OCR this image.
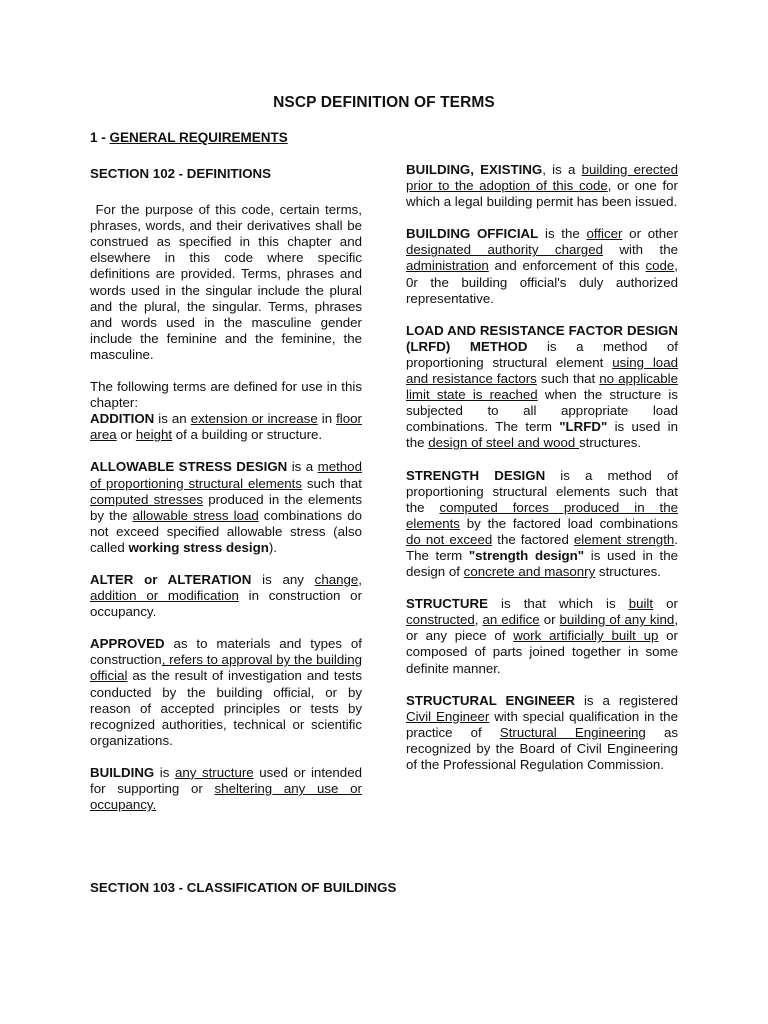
NSCP DEFINITION OF TERMS
1 - GENERAL REQUIREMENTS
SECTION 102 - DEFINITIONS

For the purpose of this code, certain terms, phrases, words, and their derivatives shall be construed as specified in this chapter and elsewhere in this code where specific definitions are provided. Terms, phrases and words used in the singular include the plural and the plural, the singular. Terms, phrases and words used in the masculine gender include the feminine and the feminine, the masculine.

The following terms are defined for use in this chapter:
ADDITION is an extension or increase in floor area or height of a building or structure.

ALLOWABLE STRESS DESIGN is a method of proportioning structural elements such that computed stresses produced in the elements by the allowable stress load combinations do not exceed specified allowable stress (also called working stress design).

ALTER or ALTERATION is any change, addition or modification in construction or occupancy.

APPROVED as to materials and types of construction, refers to approval by the building official as the result of investigation and tests conducted by the building official, or by reason of accepted principles or tests by recognized authorities, technical or scientific organizations.

BUILDING is any structure used or intended for supporting or sheltering any use or occupancy.

BUILDING, EXISTING, is a building erected prior to the adoption of this code, or one for which a legal building permit has been issued.

BUILDING OFFICIAL is the officer or other designated authority charged with the administration and enforcement of this code, 0r the building official's duly authorized representative.

LOAD AND RESISTANCE FACTOR DESIGN (LRFD) METHOD is a method of proportioning structural element using load and resistance factors such that no applicable limit state is reached when the structure is subjected to all appropriate load combinations. The term "LRFD" is used in the design of steel and wood structures.

STRENGTH DESIGN is a method of proportioning structural elements such that the computed forces produced in the elements by the factored load combinations do not exceed the factored element strength. The term "strength design" is used in the design of concrete and masonry structures.

STRUCTURE is that which is built or constructed, an edifice or building of any kind, or any piece of work artificially built up or composed of parts joined together in some definite manner.

STRUCTURAL ENGINEER is a registered Civil Engineer with special qualification in the practice of Structural Engineering as recognized by the Board of Civil Engineering of the Professional Regulation Commission.

SECTION 103 - CLASSIFICATION OF BUILDINGS
